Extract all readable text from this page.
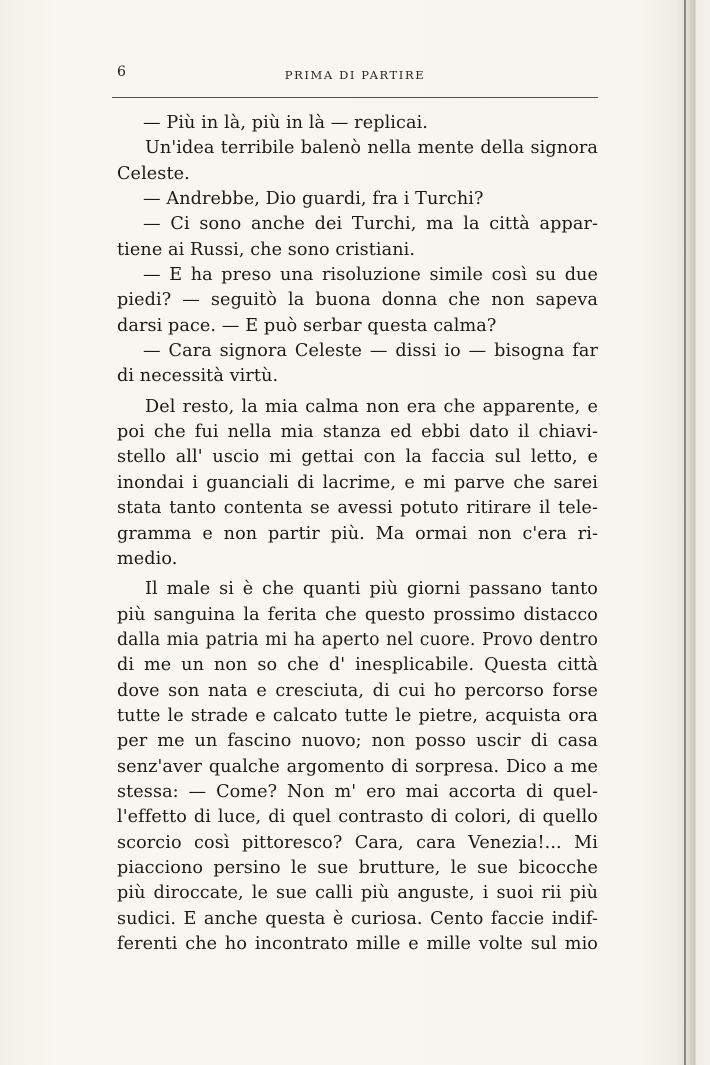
6	PRIMA DI PARTIRE
— Più in là, più in là — replicai.
Un'idea terribile balenò nella mente della signora
Celeste.
— Andrebbe, Dio guardi, fra i Turchi?
— Ci sono anche dei Turchi, ma la città appar-
tiene ai Russi, che sono cristiani.
— E ha preso una risoluzione simile così su due
piedi? — seguitò la buona donna che non sapeva
darsi pace. — E può serbar questa calma?
— Cara signora Celeste — dissi io — bisogna far
di necessità virtù.
Del resto, la mia calma non era che apparente, e
poi che fui nella mia stanza ed ebbi dato il chiavi-
stello all' uscio mi gettai con la faccia sul letto, e
inondai i guanciali di lacrime, e mi parve che sarei
stata tanto contenta se avessi potuto ritirare il tele-
gramma e non partir più. Ma ormai non c'era ri-
medio.
Il male si è che quanti più giorni passano tanto
più sanguina la ferita che questo prossimo distacco
dalla mia patria mi ha aperto nel cuore. Provo dentro
di me un non so che d' inesplicabile. Questa città
dove son nata e cresciuta, di cui ho percorso forse
tutte le strade e calcato tutte le pietre, acquista ora
per me un fascino nuovo; non posso uscir di casa
senz'aver qualche argomento di sorpresa. Dico a me
stessa: — Come? Non m' ero mai accorta di quel-
l'effetto di luce, di quel contrasto di colori, di quello
scorcio così pittoresco? Cara, cara Venezia!... Mi
piacciono persino le sue brutture, le sue bicocche
più diroccate, le sue calli più anguste, i suoi rii più
sudici. E anche questa è curiosa. Cento faccie indif-
ferenti che ho incontrato mille e mille volte sul mio
